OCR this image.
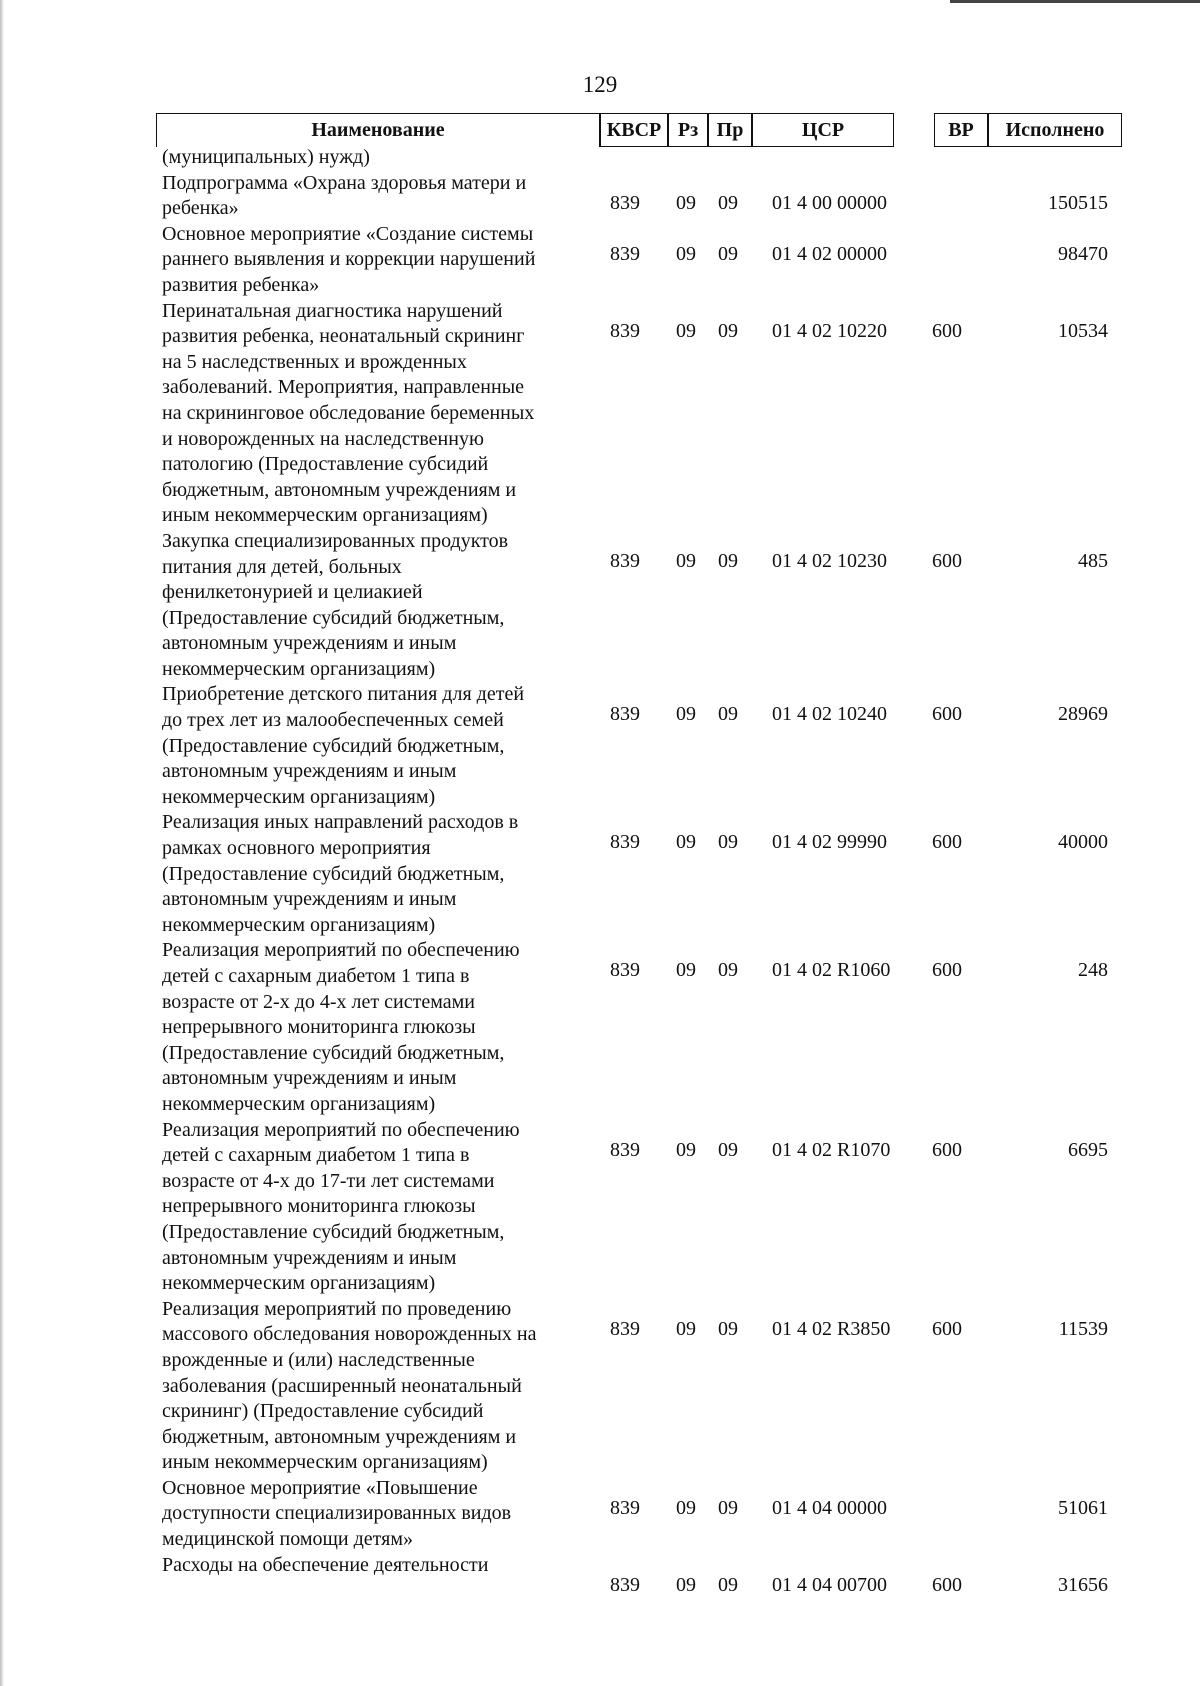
129
Наименование	КВСР Рз Пр	ЦСР	ВР	Исполнено
(муниципальных) нужд)
Подпрограмма «Охрана здоровья матери и
ребенка»	839 09 09 01 4 00 00000	150515
Основное мероприятие «Создание системы
раннего выявления и коррекции нарушений
развития ребенка»
839 09 09 01 4 02 00000	98470
Перинатальная диагностика нарушений
развития ребенка, неонатальный скрининг
на 5 наследственных и врожденных
заболеваний. Мероприятия, направленные
на скрининговое обследование беременных
и новорожденных на наследственную
патологию (Предоставление субсидий
бюджетным, автономным учреждениям и
иным некоммерческим организациям)
839 09 09 01 4 02 10220 600	10534
Закупка специализированных продуктов
питания для детей, больных
фенилкетонурией и целиакией
(Предоставление субсидий бюджетным,
автономным учреждениям и иным
некоммерческим организациям)
839 09 09 01 4 02 10230 600	485
Приобретение детского питания для детей
до трех лет из малообеспеченных семей
(Предоставление субсидий бюджетным,
автономным учреждениям и иным
некоммерческим организациям)
839 09 09 01 4 02 10240 600	28969
Реализация иных направлений расходов в
рамках основного мероприятия
(Предоставление субсидий бюджетным,
автономным учреждениям и иным
некоммерческим организациям)
839 09 09 01 4 02 99990 600	40000
Реализация мероприятий по обеспечению
детей с сахарным диабетом 1 типа в
возрасте от 2-х до 4-х лет системами
непрерывного мониторинга глюкозы
(Предоставление субсидий бюджетным,
автономным учреждениям и иным
некоммерческим организациям)
839 09 09 01 4 02 R1060 600	248
Реализация мероприятий по обеспечению
детей с сахарным диабетом 1 типа в
возрасте от 4-х до 17-ти лет системами
непрерывного мониторинга глюкозы
(Предоставление субсидий бюджетным,
автономным учреждениям и иным
некоммерческим организациям)
839 09 09 01 4 02 R1070 600	6695
Реализация мероприятий по проведению
массового обследования новорожденных на
врожденные и (или) наследственные
заболевания (расширенный неонатальный
скрининг) (Предоставление субсидий
бюджетным, автономным учреждениям и
иным некоммерческим организациям)
839 09 09 01 4 02 R3850 600	11539
Основное мероприятие «Повышение
доступности специализированных видов
медицинской помощи детям»
839 09 09 01 4 04 00000	51061
Расходы на обеспечение деятельности
839 09 09 01 4 04 00700 600	31656
